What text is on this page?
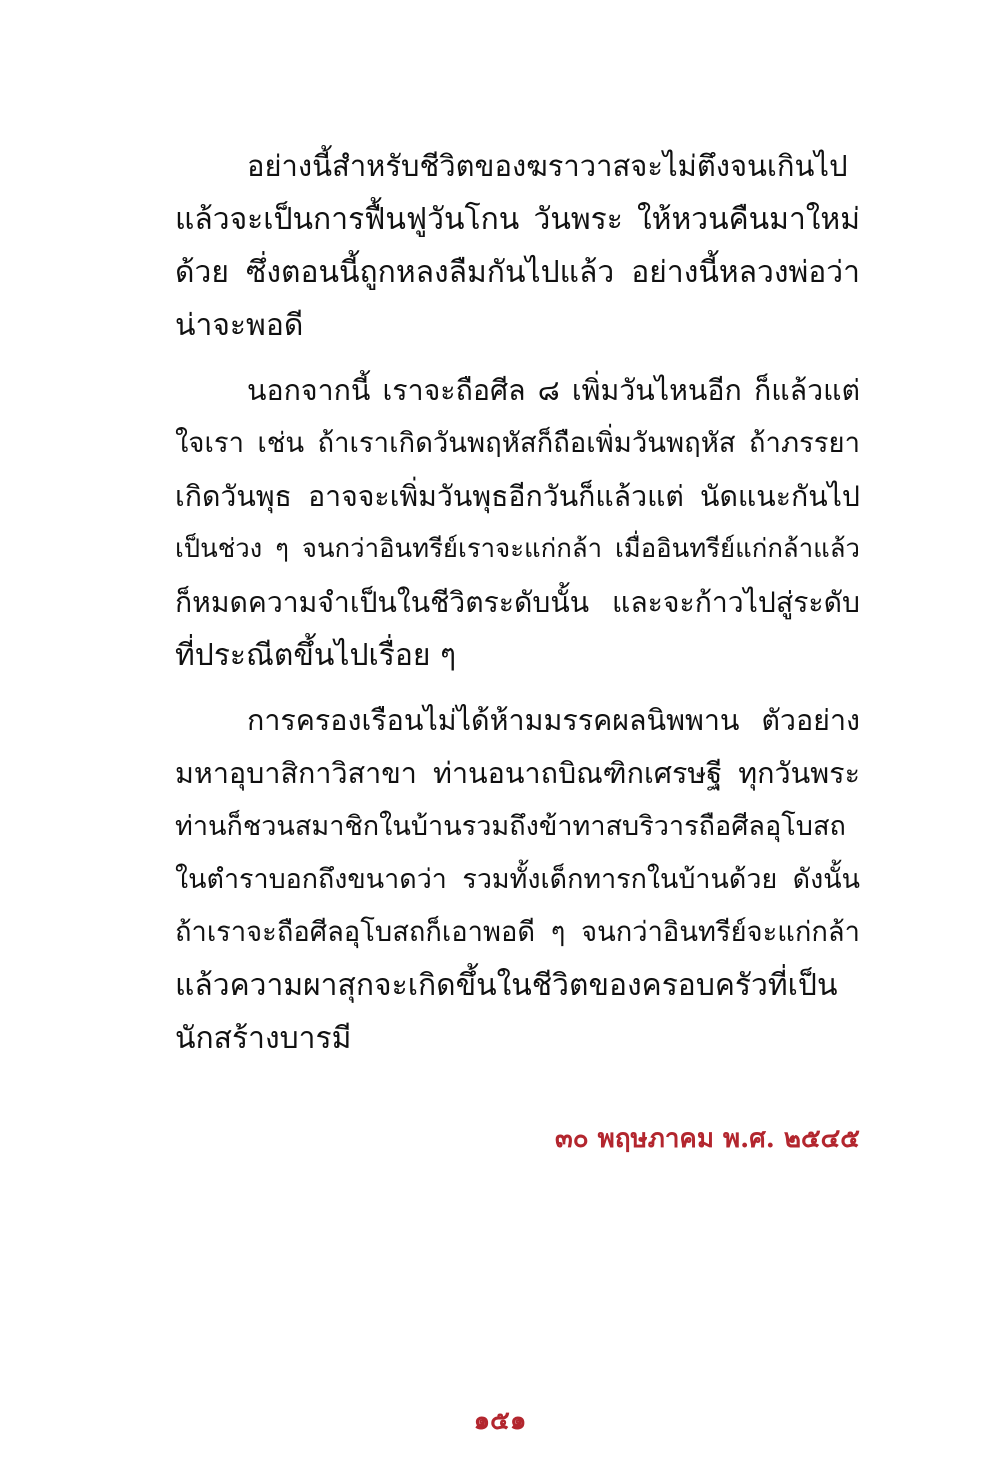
อย่างนี้สำหรับชีวิตของฆราวาสจะไม่ตึงจนเกินไป
แล้วจะเป็นการฟื้นฟูวันโกน วันพระ ให้หวนคืนมาใหม่
ด้วย ซึ่งตอนนี้ถูกหลงลืมกันไปแล้ว อย่างนี้หลวงพ่อว่า
น่าจะพอดี

นอกจากนี้ เราจะถือศีล ๘ เพิ่มวันไหนอีก ก็แล้วแต่
ใจเรา เช่น ถ้าเราเกิดวันพฤหัสก็ถือเพิ่มวันพฤหัส ถ้าภรรยา
เกิดวันพุธ อาจจะเพิ่มวันพุธอีกวันก็แล้วแต่ นัดแนะกันไป
เป็นช่วง ๆ จนกว่าอินทรีย์เราจะแก่กล้า เมื่ออินทรีย์แก่กล้าแล้ว
ก็หมดความจำเป็นในชีวิตระดับนั้น และจะก้าวไปสู่ระดับ
ที่ประณีตขึ้นไปเรื่อย ๆ

การครองเรือนไม่ได้ห้ามมรรคผลนิพพาน ตัวอย่าง
มหาอุบาสิกาวิสาขา ท่านอนาถบิณฑิกเศรษฐี ทุกวันพระ
ท่านก็ชวนสมาชิกในบ้านรวมถึงข้าทาสบริวารถือศีลอุโบสถ
ในตำราบอกถึงขนาดว่า รวมทั้งเด็กทารกในบ้านด้วย ดังนั้น
ถ้าเราจะถือศีลอุโบสถก็เอาพอดี ๆ จนกว่าอินทรีย์จะแก่กล้า
แล้วความผาสุกจะเกิดขึ้นในชีวิตของครอบครัวที่เป็น
นักสร้างบารมี

๓๐ พฤษภาคม พ.ศ. ๒๕๔๕
๑๕๑
